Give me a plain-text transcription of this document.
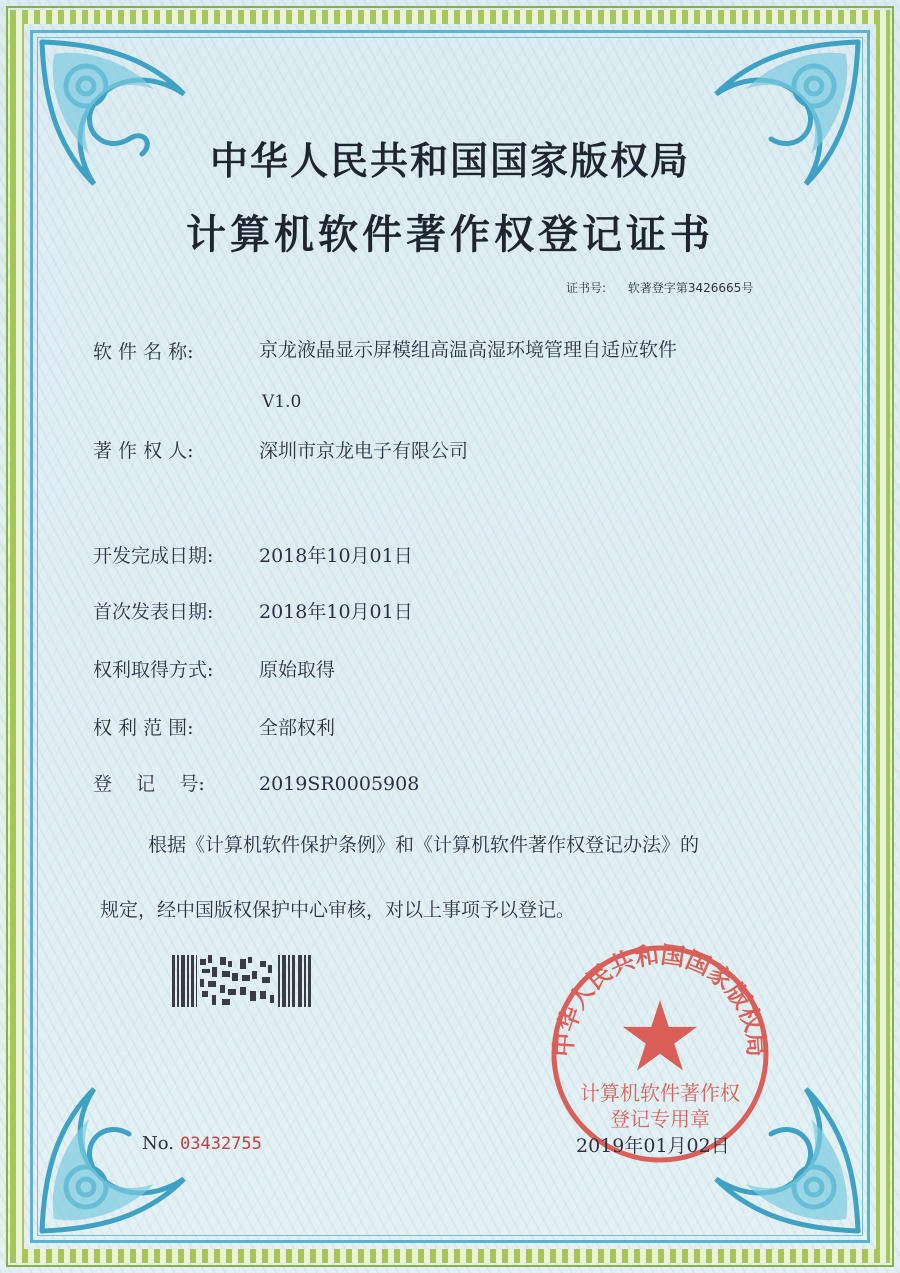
中华人民共和国国家版权局
计算机软件著作权登记证书
证书号: 软著登字第3426665号
软 件 名 称:	京龙液晶显示屏模组高温高湿环境管理自适应软件
V1.0
著 作 权 人:	深圳市京龙电子有限公司
开发完成日期: 2018年10月01日
首次发表日期: 2018年10月01日
权利取得方式: 原始取得
权 利 范 围:	全部权利
登    记    号:	2019SR0005908
根据《计算机软件保护条例》和《计算机软件著作权登记办法》的
规定，经中国版权保护中心审核，对以上事项予以登记。
No. 03432755
中华人民共和国国家版权局
计算机软件著作权
登记专用章
2019年01月02日
